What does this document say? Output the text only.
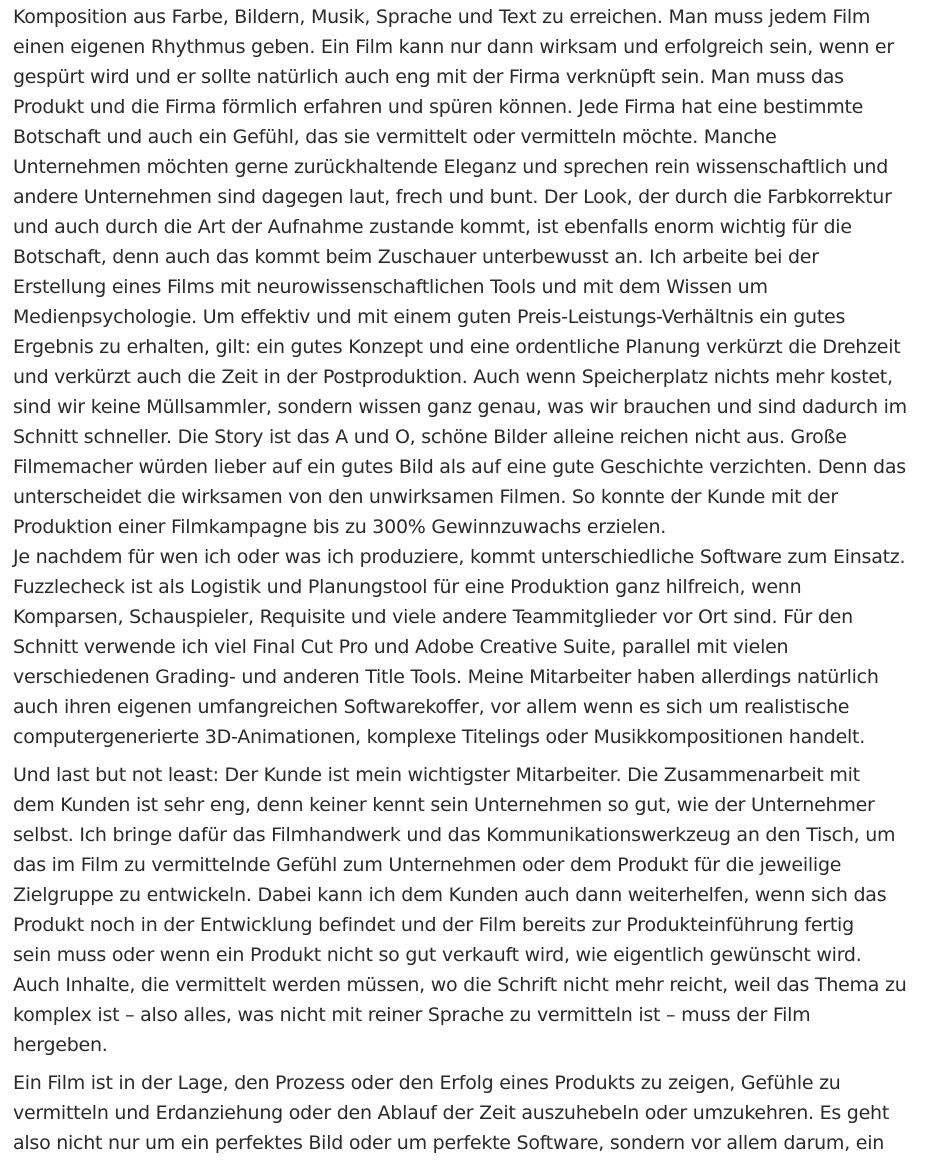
Komposition aus Farbe, Bildern, Musik, Sprache und Text zu erreichen. Man muss jedem Film
einen eigenen Rhythmus geben. Ein Film kann nur dann wirksam und erfolgreich sein, wenn er
gespürt wird und er sollte natürlich auch eng mit der Firma verknüpft sein. Man muss das
Produkt und die Firma förmlich erfahren und spüren können. Jede Firma hat eine bestimmte
Botschaft und auch ein Gefühl, das sie vermittelt oder vermitteln möchte. Manche
Unternehmen möchten gerne zurückhaltende Eleganz und sprechen rein wissenschaftlich und
andere Unternehmen sind dagegen laut, frech und bunt. Der Look, der durch die Farbkorrektur
und auch durch die Art der Aufnahme zustande kommt, ist ebenfalls enorm wichtig für die
Botschaft, denn auch das kommt beim Zuschauer unterbewusst an. Ich arbeite bei der
Erstellung eines Films mit neurowissenschaftlichen Tools und mit dem Wissen um
Medienpsychologie. Um effektiv und mit einem guten Preis-Leistungs-Verhältnis ein gutes
Ergebnis zu erhalten, gilt: ein gutes Konzept und eine ordentliche Planung verkürzt die Drehzeit
und verkürzt auch die Zeit in der Postproduktion. Auch wenn Speicherplatz nichts mehr kostet,
sind wir keine Müllsammler, sondern wissen ganz genau, was wir brauchen und sind dadurch im
Schnitt schneller. Die Story ist das A und O, schöne Bilder alleine reichen nicht aus. Große
Filmemacher würden lieber auf ein gutes Bild als auf eine gute Geschichte verzichten. Denn das
unterscheidet die wirksamen von den unwirksamen Filmen. So konnte der Kunde mit der
Produktion einer Filmkampagne bis zu 300% Gewinnzuwachs erzielen.
Je nachdem für wen ich oder was ich produziere, kommt unterschiedliche Software zum Einsatz.
Fuzzlecheck ist als Logistik und Planungstool für eine Produktion ganz hilfreich, wenn
Komparsen, Schauspieler, Requisite und viele andere Teammitglieder vor Ort sind. Für den
Schnitt verwende ich viel Final Cut Pro und Adobe Creative Suite, parallel mit vielen
verschiedenen Grading- und anderen Title Tools. Meine Mitarbeiter haben allerdings natürlich
auch ihren eigenen umfangreichen Softwarekoffer, vor allem wenn es sich um realistische
computergenerierte 3D-Animationen, komplexe Titelings oder Musikkompositionen handelt.
Und last but not least: Der Kunde ist mein wichtigster Mitarbeiter. Die Zusammenarbeit mit
dem Kunden ist sehr eng, denn keiner kennt sein Unternehmen so gut, wie der Unternehmer
selbst. Ich bringe dafür das Filmhandwerk und das Kommunikationswerkzeug an den Tisch, um
das im Film zu vermittelnde Gefühl zum Unternehmen oder dem Produkt für die jeweilige
Zielgruppe zu entwickeln. Dabei kann ich dem Kunden auch dann weiterhelfen, wenn sich das
Produkt noch in der Entwicklung befindet und der Film bereits zur Produkteinführung fertig
sein muss oder wenn ein Produkt nicht so gut verkauft wird, wie eigentlich gewünscht wird.
Auch Inhalte, die vermittelt werden müssen, wo die Schrift nicht mehr reicht, weil das Thema zu
komplex ist – also alles, was nicht mit reiner Sprache zu vermitteln ist – muss der Film
hergeben.
Ein Film ist in der Lage, den Prozess oder den Erfolg eines Produkts zu zeigen, Gefühle zu
vermitteln und Erdanziehung oder den Ablauf der Zeit auszuhebeln oder umzukehren. Es geht
also nicht nur um ein perfektes Bild oder um perfekte Software, sondern vor allem darum, ein
